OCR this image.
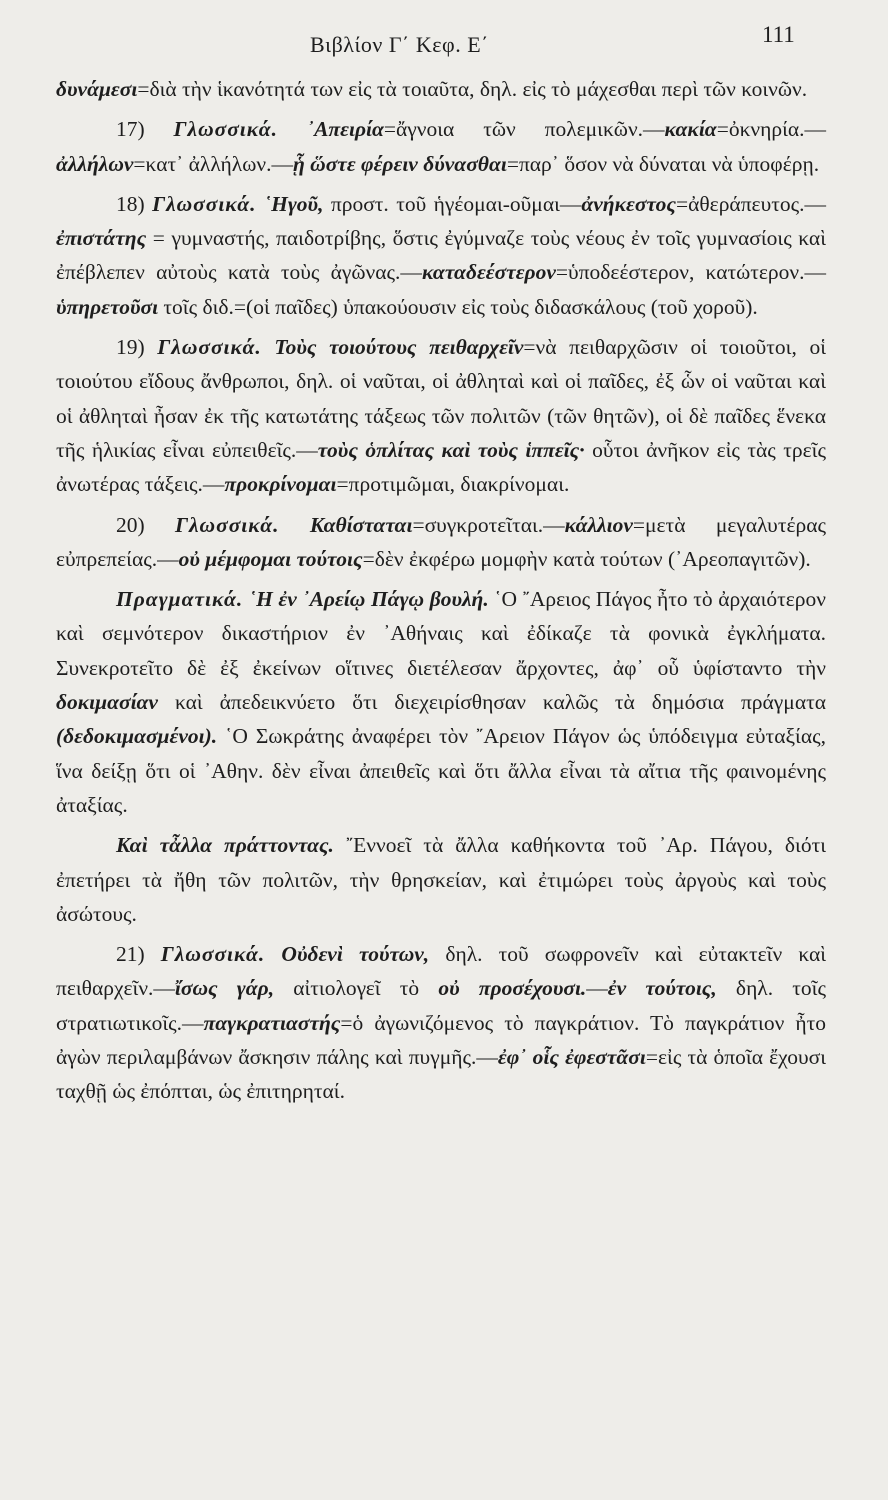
Βιβλίον Γ΄ Κεφ. Ε΄	111

δυνάμεσι=διὰ τὴν ἱκανότητά των εἰς τὰ τοιαῦτα, δηλ. εἰς τὸ μάχεσθαι περὶ τῶν κοινῶν.

17) Γλωσσικά. ᾿Απειρία=ἄγνοια τῶν πολεμικῶν.—κακία=ὀκνηρία.—ἀλλήλων=κατ᾿ ἀλλήλων.—ᾗ ὥστε φέρειν δύνασθαι=παρ᾿ ὅσον νὰ δύναται νὰ ὑποφέρῃ.

18) Γλωσσικά. ῾Ηγοῦ, προστ. τοῦ ἡγέομαι-οῦμαι—ἀνήκεστος=ἀθεράπευτος.— ἐπιστάτης = γυμναστής, παιδοτρίβης, ὅστις ἐγύμναζε τοὺς νέους ἐν τοῖς γυμνασίοις καὶ ἐπέβλεπεν αὐτοὺς κατὰ τοὺς ἀγῶνας.—καταδεέστερον=ὑποδεέστερον, κατώτερον.— ὑπηρετοῦσι τοῖς διδ.=(οἱ παῖδες) ὑπακούουσιν εἰς τοὺς διδασκάλους (τοῦ χοροῦ).

19) Γλωσσικά. Τοὺς τοιούτους πειθαρχεῖν=νὰ πειθαρχῶσιν οἱ τοιοῦτοι, οἱ τοιούτου εἴδους ἄνθρωποι, δηλ. οἱ ναῦται, οἱ ἀθληταὶ καὶ οἱ παῖδες, ἐξ ὧν οἱ ναῦται καὶ οἱ ἀθληταὶ ἦσαν ἐκ τῆς κατωτάτης τάξεως τῶν πολιτῶν (τῶν θητῶν), οἱ δὲ παῖδες ἕνεκα τῆς ἡλικίας εἶναι εὐπειθεῖς.—τοὺς ὁπλίτας καὶ τοὺς ἱππεῖς· οὗτοι ἀνῆκον εἰς τὰς τρεῖς ἀνωτέρας τάξεις.—προκρίνομαι=προτιμῶμαι, διακρίνομαι.

20) Γλωσσικά. Καθίσταται=συγκροτεῖται.—κάλλιον=μετὰ μεγαλυτέρας εὐπρεπείας.—οὐ μέμφομαι τούτοις=δὲν ἐκφέρω μομφὴν κατὰ τούτων (᾿Αρεοπαγιτῶν).

Πραγματικά. ῾Η ἐν ᾿Αρείῳ Πάγῳ βουλή. ῾Ο ῎Αρειος Πάγος ἦτο τὸ ἀρχαιότερον καὶ σεμνότερον δικαστήριον ἐν ᾿Αθήναις καὶ ἐδίκαζε τὰ φονικὰ ἐγκλήματα. Συνεκροτεῖτο δὲ ἐξ ἐκείνων οἵτινες διετέλεσαν ἄρχοντες, ἀφ᾿ οὗ ὑφίσταντο τὴν δοκιμασίαν καὶ ἀπεδεικνύετο ὅτι διεχειρίσθησαν καλῶς τὰ δημόσια πράγματα (δεδοκιμασμένοι). ῾Ο Σωκράτης ἀναφέρει τὸν ῎Αρειον Πάγον ὡς ὑπόδειγμα εὐταξίας, ἵνα δείξῃ ὅτι οἱ ᾿Αθην. δὲν εἶναι ἀπειθεῖς καὶ ὅτι ἄλλα εἶναι τὰ αἴτια τῆς φαινομένης ἀταξίας.

Καὶ τἆλλα πράττοντας. ῎Εννοεῖ τὰ ἄλλα καθήκοντα τοῦ ᾿Αρ. Πάγου, διότι ἐπετήρει τὰ ἤθη τῶν πολιτῶν, τὴν θρησκείαν, καὶ ἐτιμώρει τοὺς ἀργοὺς καὶ τοὺς ἀσώτους.

21) Γλωσσικά. Οὐδενὶ τούτων, δηλ. τοῦ σωφρονεῖν καὶ εὐτακτεῖν καὶ πειθαρχεῖν.—ἴσως γάρ, αἰτιολογεῖ τὸ οὐ προσέχουσι.—ἐν τούτοις, δηλ. τοῖς στρατιωτικοῖς.—παγκρατιαστής=ὁ ἀγωνιζόμενος τὸ παγκράτιον. Τὸ παγκράτιον ἦτο ἀγὼν περιλαμβάνων ἄσκησιν πάλης καὶ πυγμῆς.—ἐφ᾿ οἷς ἐφεστᾶσι=εἰς τὰ ὁποῖα ἔχουσι ταχθῇ ὡς ἐπόπται, ὡς ἐπιτηρηταί.
